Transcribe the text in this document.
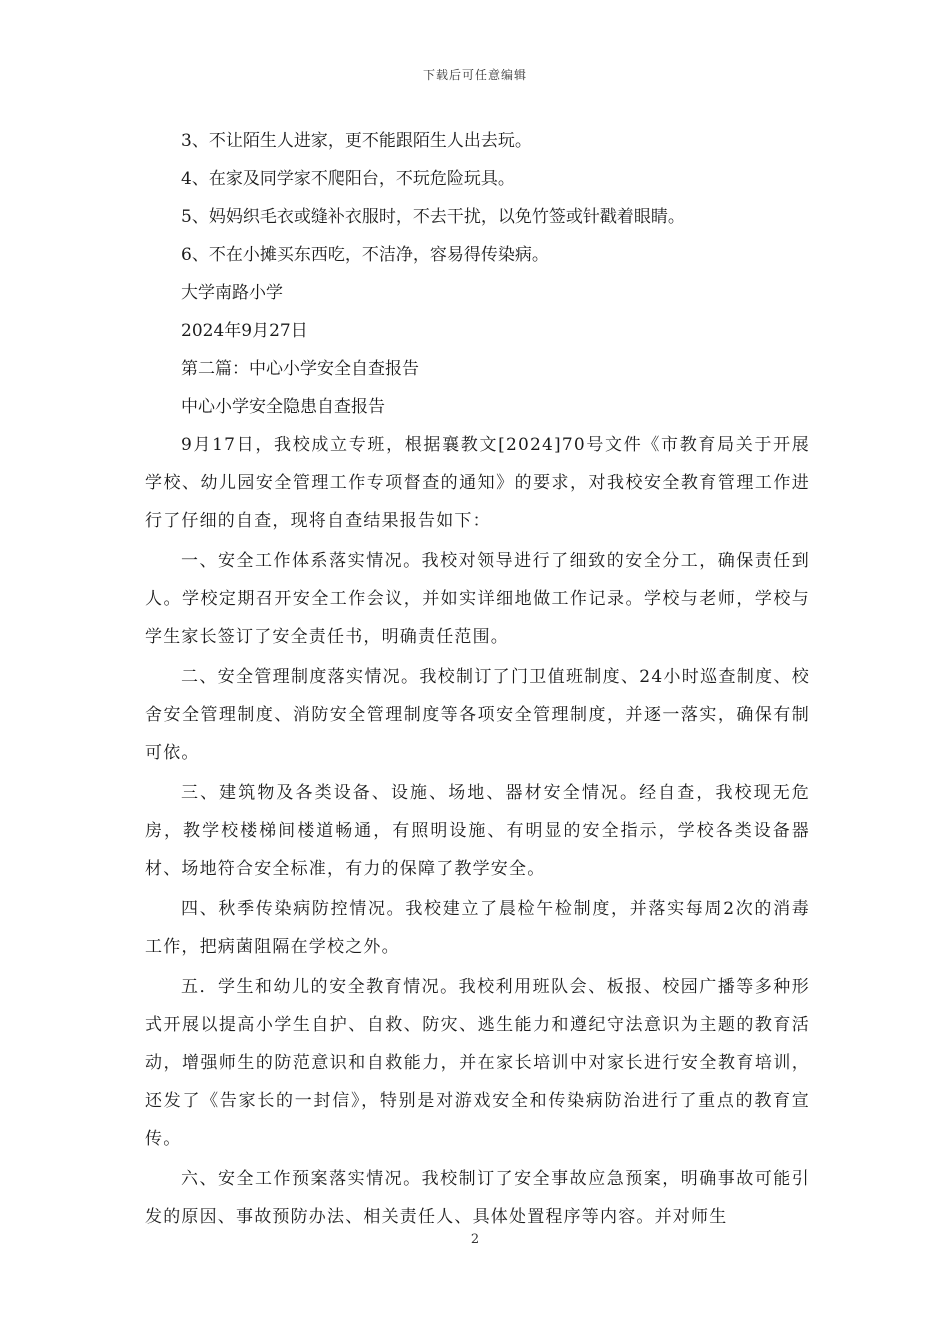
下载后可任意编辑
3、不让陌生人进家，更不能跟陌生人出去玩。
4、在家及同学家不爬阳台，不玩危险玩具。
5、妈妈织毛衣或缝补衣服时，不去干扰，以免竹签或针戳着眼睛。
6、不在小摊买东西吃，不洁净，容易得传染病。
大学南路小学
2024年9月27日
第二篇：中心小学安全自查报告
中心小学安全隐患自查报告

9月17日，我校成立专班，根据襄教文[2024]70号文件《市教育局关于开展学校、幼儿园安全管理工作专项督查的通知》的要求，对我校安全教育管理工作进行了仔细的自查，现将自查结果报告如下：

一、安全工作体系落实情况。我校对领导进行了细致的安全分工，确保责任到人。学校定期召开安全工作会议，并如实详细地做工作记录。学校与老师，学校与学生家长签订了安全责任书，明确责任范围。

二、安全管理制度落实情况。我校制订了门卫值班制度、24小时巡查制度、校舍安全管理制度、消防安全管理制度等各项安全管理制度，并逐一落实，确保有制可依。

三、建筑物及各类设备、设施、场地、器材安全情况。经自查，我校现无危房，教学校楼梯间楼道畅通，有照明设施、有明显的安全指示，学校各类设备器材、场地符合安全标准，有力的保障了教学安全。

四、秋季传染病防控情况。我校建立了晨检午检制度，并落实每周2次的消毒工作，把病菌阻隔在学校之外。

五．学生和幼儿的安全教育情况。我校利用班队会、板报、校园广播等多种形式开展以提高小学生自护、自救、防灾、逃生能力和遵纪守法意识为主题的教育活动，增强师生的防范意识和自救能力，并在家长培训中对家长进行安全教育培训，还发了《告家长的一封信》，特别是对游戏安全和传染病防治进行了重点的教育宣传。

六、安全工作预案落实情况。我校制订了安全事故应急预案，明确事故可能引发的原因、事故预防办法、相关责任人、具体处置程序等内容。并对师生

2
